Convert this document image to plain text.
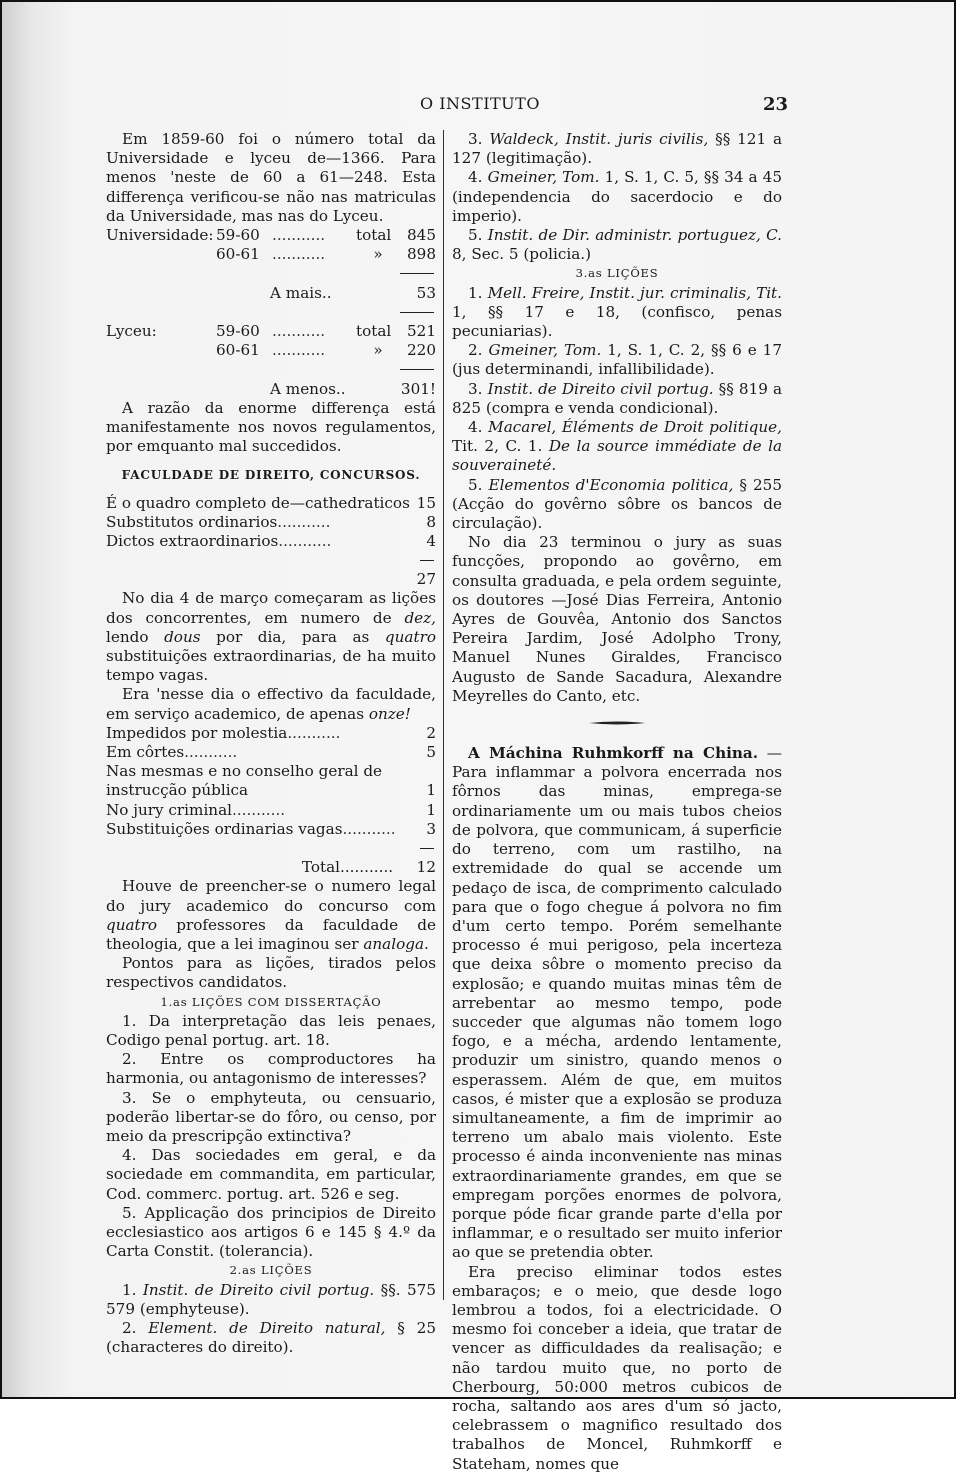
O INSTITUTO	23

Em 1859-60 foi o número total da Universidade e lyceu de—1366. Para menos 'neste de 60 a 61—248. Esta differença verificou-se não nas matriculas da Universidade, mas nas do Lyceu.

Universidade: 59-60 ...........	total	845
60-61 ...........	»	898
A mais..	53
Lyceu:	59-60 ...........	total	521
60-61 ...........	»	220
A menos..	301!

A razão da enorme differença está manifestamente nos novos regulamentos, por emquanto mal succedidos.

FACULDADE DE DIREITO, CONCURSOS.
É o quadro completo de—cathedraticos 15
Substitutos ordinarios ...........	8
Dictos extraordinarios ...........	4
27

No dia 4 de março começaram as lições dos concorrentes, em numero de dez, lendo dous por dia, para as quatro substituições extraordinarias, de ha muito tempo vagas.

Era 'nesse dia o effectivo da faculdade, em serviço academico, de apenas onze!

Impedidos por molestia ...........	2
Em côrtes ...........	5
Nas mesmas e no conselho geral de instrucção pública	1
No jury criminal ...........	1
Substituições ordinarias vagas ...........	3
Total ...........	12

Houve de preencher-se o numero legal do jury academico do concurso com quatro professores da faculdade de theologia, que a lei imaginou ser analoga.

Pontos para as lições, tirados pelos respectivos candidatos.

1.as LIÇÕES COM DISSERTAÇÃO

1. Da interpretação das leis penaes, Codigo penal portug. art. 18.

2. Entre os comproductores ha harmonia, ou antagonismo de interesses?

3. Se o emphyteuta, ou censuario, poderão libertar-se do fôro, ou censo, por meio da prescripção extinctiva?

4. Das sociedades em geral, e da sociedade em commandita, em particular, Cod. commerc. portug. art. 526 e seg.

5. Applicação dos principios de Direito ecclesiastico aos artigos 6 e 145 § 4.º da Carta Constit. (tolerancia).

2.as LIÇÕES

1. Instit. de Direito civil portug. §§. 575 579 (emphyteuse).

2. Element. de Direito natural, § 25 (characteres do direito).

3. Waldeck, Instit. juris civilis, §§ 121 a 127 (legitimação).

4. Gmeiner, Tom. 1, S. 1, C. 5, §§ 34 a 45 (independencia do sacerdocio e do imperio).

5. Instit. de Dir. administr. portuguez, C. 8, Sec. 5 (policia.)

3.as LIÇÕES

1. Mell. Freire, Instit. jur. criminalis, Tit. 1, §§ 17 e 18, (confisco, penas pecuniarias).

2. Gmeiner, Tom. 1, S. 1, C. 2, §§ 6 e 17 (jus determinandi, infallibilidade).

3. Instit. de Direito civil portug. §§ 819 a 825 (compra e venda condicional).

4. Macarel, Éléments de Droit politique, Tit. 2, C. 1. De la source immédiate de la souveraineté.

5. Elementos d'Economia politica, § 255 (Acção do govêrno sôbre os bancos de circulação).

No dia 23 terminou o jury as suas funcções, propondo ao govêrno, em consulta graduada, e pela ordem seguinte, os doutores —José Dias Ferreira, Antonio Ayres de Gouvêa, Antonio dos Sanctos Pereira Jardim, José Adolpho Trony, Manuel Nunes Giraldes, Francisco Augusto de Sande Sacadura, Alexandre Meyrelles do Canto, etc.

A Máchina Ruhmkorff na China. — Para inflammar a polvora encerrada nos fôrnos das minas, emprega-se ordinariamente um ou mais tubos cheios de polvora, que communicam, á superficie do terreno, com um rastilho, na extremidade do qual se accende um pedaço de isca, de comprimento calculado para que o fogo chegue á polvora no fim d'um certo tempo. Porém semelhante processo é mui perigoso, pela incerteza que deixa sôbre o momento preciso da explosão; e quando muitas minas têm de arrebentar ao mesmo tempo, pode succeder que algumas não tomem logo fogo, e a mécha, ardendo lentamente, produzir um sinistro, quando menos o esperassem. Além de que, em muitos casos, é mister que a explosão se produza simultaneamente, a fim de imprimir ao terreno um abalo mais violento. Este processo é ainda inconveniente nas minas extraordinariamente grandes, em que se empregam porções enormes de polvora, porque póde ficar grande parte d'ella por inflammar, e o resultado ser muito inferior ao que se pretendia obter.

Era preciso eliminar todos estes embaraços; e o meio, que desde logo lembrou a todos, foi a electricidade. O mesmo foi conceber a ideia, que tratar de vencer as difficuldades da realisação; e não tardou muito que, no porto de Cherbourg, 50:000 metros cubicos de rocha, saltando aos ares d'um só jacto, celebrassem o magnifico resultado dos trabalhos de Moncel, Ruhmkorff e Stateham, nomes que
